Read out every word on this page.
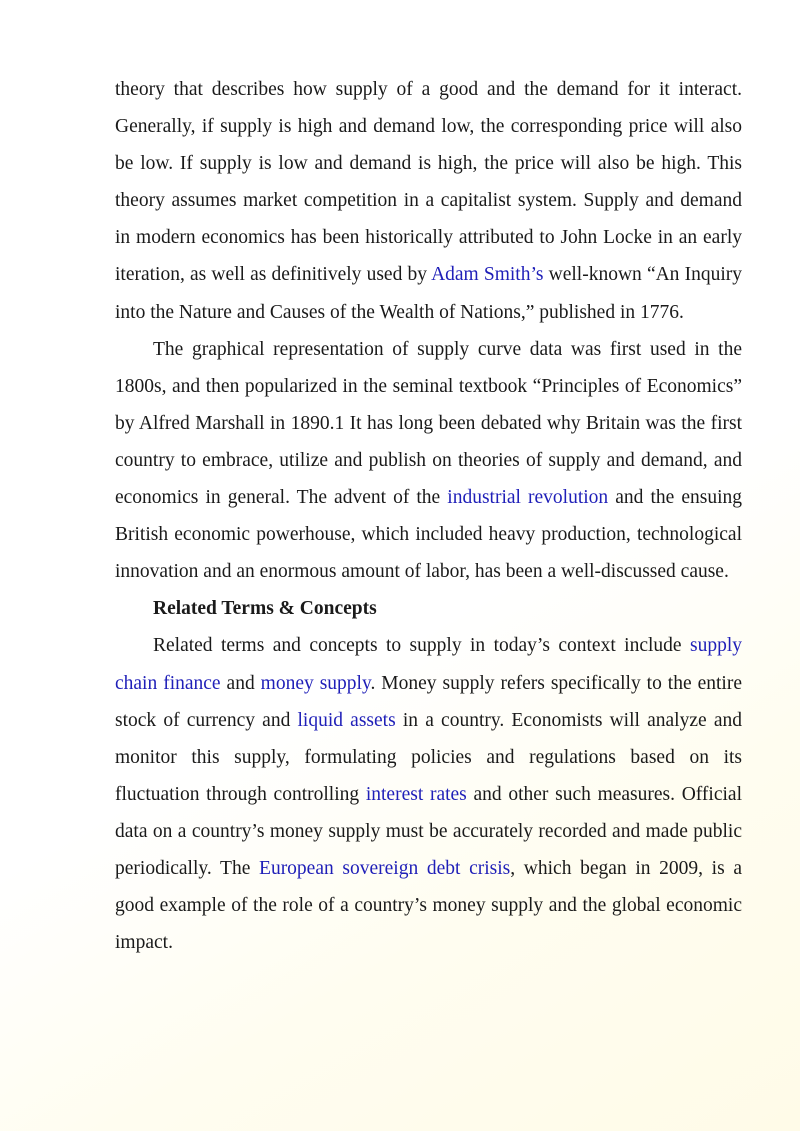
theory that describes how supply of a good and the demand for it interact. Generally, if supply is high and demand low, the corresponding price will also be low. If supply is low and demand is high, the price will also be high. This theory assumes market competition in a capitalist system. Supply and demand in modern economics has been historically attributed to John Locke in an early iteration, as well as definitively used by Adam Smith’s well-known “An Inquiry into the Nature and Causes of the Wealth of Nations,” published in 1776.

The graphical representation of supply curve data was first used in the 1800s, and then popularized in the seminal textbook “Principles of Economics” by Alfred Marshall in 1890.1 It has long been debated why Britain was the first country to embrace, utilize and publish on theories of supply and demand, and economics in general. The advent of the industrial revolution and the ensuing British economic powerhouse, which included heavy production, technological innovation and an enormous amount of labor, has been a well-discussed cause.

Related Terms & Concepts

Related terms and concepts to supply in today’s context include supply chain finance and money supply. Money supply refers specifically to the entire stock of currency and liquid assets in a country. Economists will analyze and monitor this supply, formulating policies and regulations based on its fluctuation through controlling interest rates and other such measures. Official data on a country’s money supply must be accurately recorded and made public periodically. The European sovereign debt crisis, which began in 2009, is a good example of the role of a country’s money supply and the global economic impact.
